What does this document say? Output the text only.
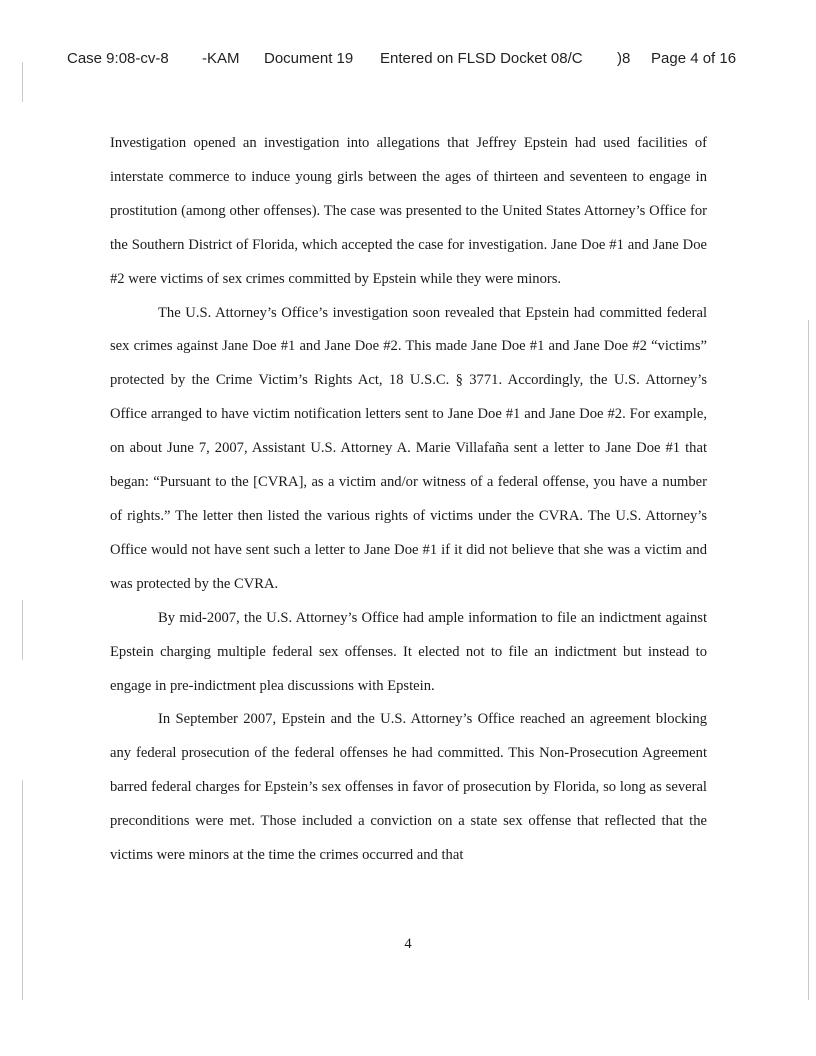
Case 9:08-cv-8 -KAM Document 19 Entered on FLSD Docket 08/C )8 Page 4 of 16

Investigation opened an investigation into allegations that Jeffrey Epstein had used facilities of interstate commerce to induce young girls between the ages of thirteen and seventeen to engage in prostitution (among other offenses). The case was presented to the United States Attorney’s Office for the Southern District of Florida, which accepted the case for investigation. Jane Doe #1 and Jane Doe #2 were victims of sex crimes committed by Epstein while they were minors.

The U.S. Attorney’s Office’s investigation soon revealed that Epstein had committed federal sex crimes against Jane Doe #1 and Jane Doe #2. This made Jane Doe #1 and Jane Doe #2 “victims” protected by the Crime Victim’s Rights Act, 18 U.S.C. § 3771. Accordingly, the U.S. Attorney’s Office arranged to have victim notification letters sent to Jane Doe #1 and Jane Doe #2. For example, on about June 7, 2007, Assistant U.S. Attorney A. Marie Villafaña sent a letter to Jane Doe #1 that began: “Pursuant to the [CVRA], as a victim and/or witness of a federal offense, you have a number of rights.” The letter then listed the various rights of victims under the CVRA. The U.S. Attorney’s Office would not have sent such a letter to Jane Doe #1 if it did not believe that she was a victim and was protected by the CVRA.

By mid-2007, the U.S. Attorney’s Office had ample information to file an indictment against Epstein charging multiple federal sex offenses. It elected not to file an indictment but instead to engage in pre-indictment plea discussions with Epstein.

In September 2007, Epstein and the U.S. Attorney’s Office reached an agreement blocking any federal prosecution of the federal offenses he had committed. This Non-Prosecution Agreement barred federal charges for Epstein’s sex offenses in favor of prosecution by Florida, so long as several preconditions were met. Those included a conviction on a state sex offense that reflected that the victims were minors at the time the crimes occurred and that

4
